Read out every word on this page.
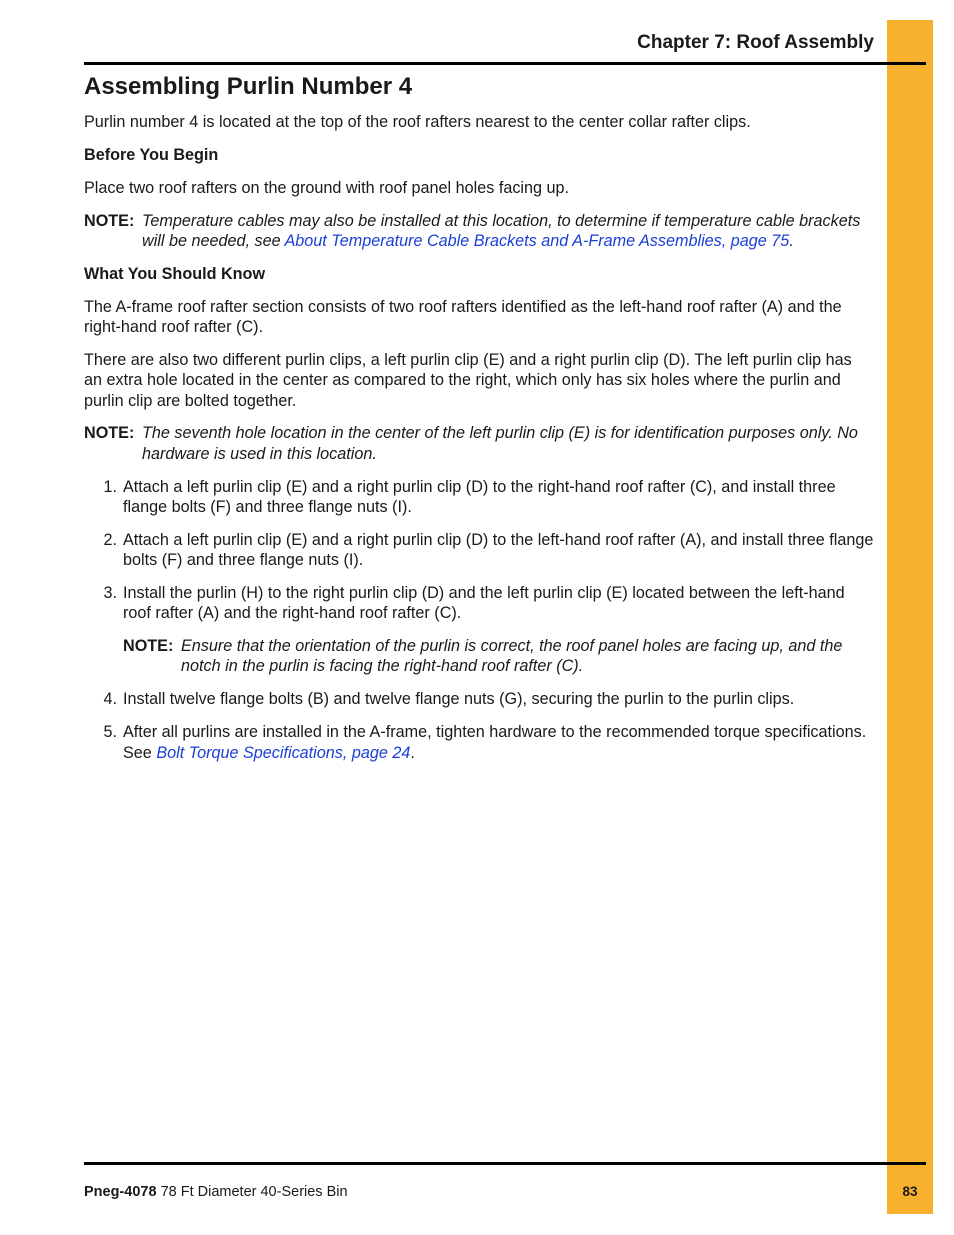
Chapter 7: Roof Assembly
Assembling Purlin Number 4

Purlin number 4 is located at the top of the roof rafters nearest to the center collar rafter clips.

Before You Begin

Place two roof rafters on the ground with roof panel holes facing up.

NOTE: Temperature cables may also be installed at this location, to determine if temperature cable brackets will be needed, see About Temperature Cable Brackets and A-Frame Assemblies, page 75.
What You Should Know

The A-frame roof rafter section consists of two roof rafters identified as the left-hand roof rafter (A) and the right-hand roof rafter (C).

There are also two different purlin clips, a left purlin clip (E) and a right purlin clip (D). The left purlin clip has an extra hole located in the center as compared to the right, which only has six holes where the purlin and purlin clip are bolted together.

NOTE: The seventh hole location in the center of the left purlin clip (E) is for identification purposes only. No hardware is used in this location.
1. Attach a left purlin clip (E) and a right purlin clip (D) to the right-hand roof rafter (C), and install three flange bolts (F) and three flange nuts (I).
2. Attach a left purlin clip (E) and a right purlin clip (D) to the left-hand roof rafter (A), and install three flange bolts (F) and three flange nuts (I).
3. Install the purlin (H) to the right purlin clip (D) and the left purlin clip (E) located between the left-hand roof rafter (A) and the right-hand roof rafter (C).
NOTE: Ensure that the orientation of the purlin is correct, the roof panel holes are facing up, and the notch in the purlin is facing the right-hand roof rafter (C).
4. Install twelve flange bolts (B) and twelve flange nuts (G), securing the purlin to the purlin clips.
5. After all purlins are installed in the A-frame, tighten hardware to the recommended torque specifications. See Bolt Torque Specifications, page 24.
Pneg-4078 78 Ft Diameter 40-Series Bin	83
